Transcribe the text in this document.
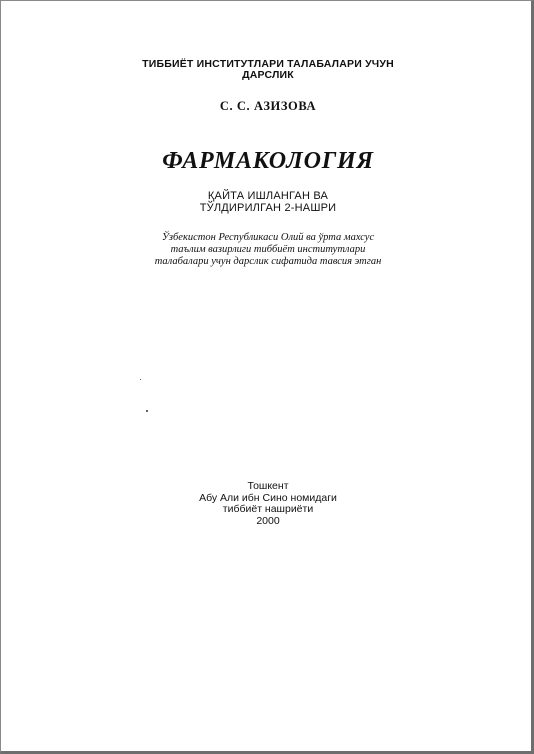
ТИББИЁТ ИНСТИТУТЛАРИ ТАЛАБАЛАРИ УЧУН
ДАРСЛИК
С. С. АЗИЗОВА
ФАРМАКОЛОГИЯ
ҚАЙТА ИШЛАНГАН ВА
ТЎЛДИРИЛГАН 2-НАШРИ
Ўзбекистон Республикаси Олий ва ўрта махсус
таълим вазирлиги тиббиёт институтлари
талабалари учун дарслик сифатида тавсия этган
Тошкент
Абу Али ибн Сино номидаги
тиббиёт нашриёти
2000
